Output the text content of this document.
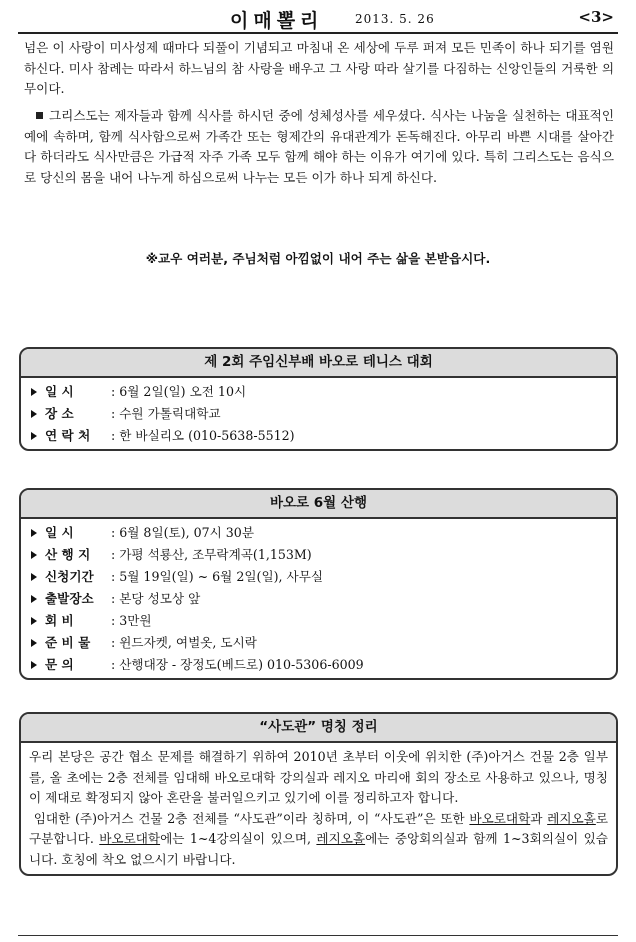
이매뽈리	2013. 5. 26	<3>
넘은 이 사랑이 미사성제 때마다 되풀이 기념되고 마침내 온 세상에 두루 퍼져 모든 민족이 하나 되기를 염원하신다. 미사 참례는 따라서 하느님의 참 사랑을 배우고 그 사랑 따라 살기를 다짐하는 신앙인들의 거룩한 의무이다.
그리스도는 제자들과 함께 식사를 하시던 중에 성체성사를 세우셨다. 식사는 나눔을 실천하는 대표적인 예에 속하며, 함께 식사함으로써 가족간 또는 형제간의 유대관계가 돈독해진다. 아무리 바쁜 시대를 살아간다 하더라도 식사만큼은 가급적 자주 가족 모두 함께 해야 하는 이유가 여기에 있다. 특히 그리스도는 음식으로 당신의 몸을 내어 나누게 하심으로써 나누는 모든 이가 하나 되게 하신다.
※교우 여러분, 주님처럼 아낌없이 내어 주는 삶을 본받읍시다.
제 2회 주임신부배 바오로 테니스 대회
일 시	: 6월 2일(일) 오전 10시
장 소	: 수원 가톨릭대학교
연 락 처 : 한 바실리오 (010-5638-5512)
바오로 6월 산행
일 시	: 6월 8일(토), 07시 30분
산 행 지 : 가평 석룡산, 조무락계곡(1,153M)
신청기간 : 5월 19일(일) ~ 6월 2일(일), 사무실
출발장소 : 본당 성모상 앞
회 비	: 3만원
준 비 물 : 윈드자켓, 여벌옷, 도시락
문 의	: 산행대장 - 장정도(베드로) 010-5306-6009
“사도관” 명칭 정리

우리 본당은 공간 협소 문제를 해결하기 위하여 2010년 초부터 이웃에 위치한 (주)아거스 건물 2층 일부를, 올 초에는 2층 전체를 임대해 바오로대학 강의실과 레지오 마리애 회의 장소로 사용하고 있으나, 명칭이 제대로 확정되지 않아 혼란을 불러일으키고 있기에 이를 정리하고자 합니다.

임대한 (주)아거스 건물 2층 전체를 “사도관”이라 칭하며, 이 “사도관”은 또한 바오로대학과 레지오홀로 구분합니다. 바오로대학에는 1~4강의실이 있으며, 레지오홀에는 중앙회의실과 함께 1~3회의실이 있습니다. 호칭에 착오 없으시기 바랍니다.
